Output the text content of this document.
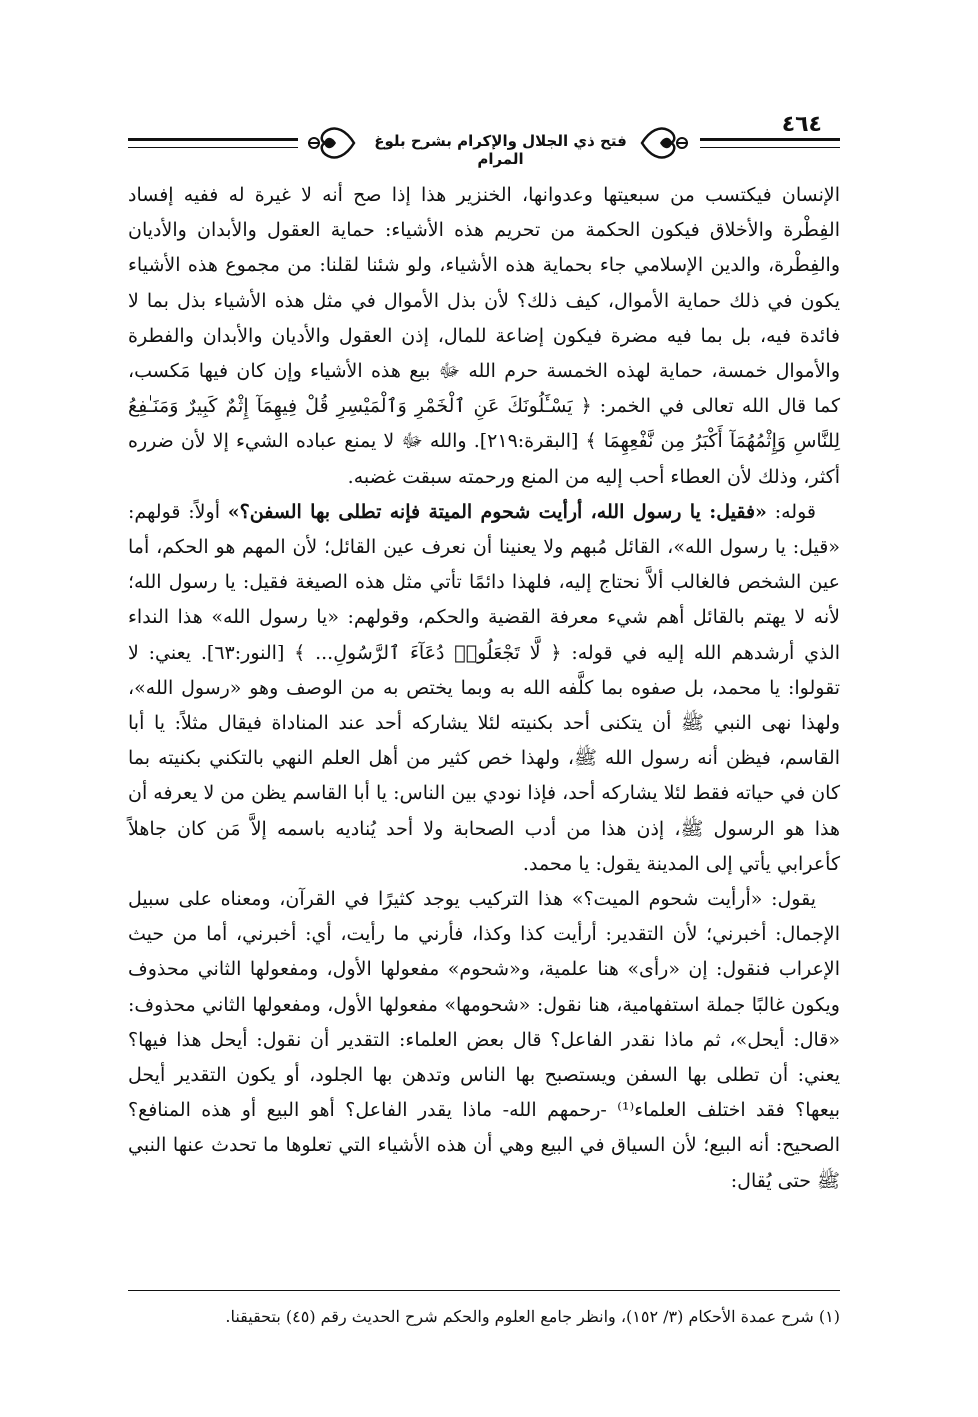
فتح ذي الجلال والإكرام بشرح بلوغ المرام
٤٦٤

الإنسان فيكتسب من سبعيتها وعدوانها، الخنزير هذا إذا صح أنه لا غيرة له ففيه إفساد الفِطْرة والأخلاق فيكون الحكمة من تحريم هذه الأشياء: حماية العقول والأبدان والأديان والفِطْرة، والدين الإسلامي جاء بحماية هذه الأشياء، ولو شئنا لقلنا: من مجموع هذه الأشياء يكون في ذلك حماية الأموال، كيف ذلك؟ لأن بذل الأموال في مثل هذه الأشياء بذل بما لا فائدة فيه، بل بما فيه مضرة فيكون إضاعة للمال، إذن العقول والأديان والأبدان والفطرة والأموال خمسة، حماية لهذه الخمسة حرم الله ﷻ بيع هذه الأشياء وإن كان فيها مَكسب، كما قال الله تعالى في الخمر: ﴿ يَسْـَٔلُونَكَ عَنِ ٱلْخَمْرِ وَٱلْمَيْسِرِ قُلْ فِيهِمَآ إِثْمٌ كَبِيرٌ وَمَنَـٰفِعُ لِلنَّاسِ وَإِثْمُهُمَآ أَكْبَرُ مِن نَّفْعِهِمَا ﴾ [البقرة:٢١٩]. والله ﷻ لا يمنع عباده الشيء إلا لأن ضرره أكثر، وذلك لأن العطاء أحب إليه من المنع ورحمته سبقت غضبه.

قوله: «فقيل: يا رسول الله، أرأيت شحوم الميتة فإنه تطلى بها السفن؟» أولاً: قولهم: «قيل: يا رسول الله»، القائل مُبهم ولا يعنينا أن نعرف عين القائل؛ لأن المهم هو الحكم، أما عين الشخص فالغالب ألاَّ نحتاج إليه، فلهذا دائمًا تأتي مثل هذه الصيغة فقيل: يا رسول الله؛ لأنه لا يهتم بالقائل أهم شيء معرفة القضية والحكم، وقولهم: «يا رسول الله» هذا النداء الذي أرشدهم الله إليه في قوله: ﴿ لَّا تَجْعَلُوا۟ دُعَآءَ ٱلرَّسُولِ... ﴾ [النور:٦٣]. يعني: لا تقولوا: يا محمد، بل صفوه بما كلَّفه الله به وبما يختص به من الوصف وهو «رسول الله»، ولهذا نهى النبي ﷺ أن يتكنى أحد بكنيته لئلا يشاركه أحد عند المناداة فيقال مثلاً: يا أبا القاسم، فيظن أنه رسول الله ﷺ، ولهذا خص كثير من أهل العلم النهي بالتكني بكنيته بما كان في حياته فقط لئلا يشاركه أحد، فإذا نودي بين الناس: يا أبا القاسم يظن من لا يعرفه أن هذا هو الرسول ﷺ، إذن هذا من أدب الصحابة ولا أحد يُناديه باسمه إلاَّ مَن كان جاهلاً كأعرابي يأتي إلى المدينة يقول: يا محمد.

يقول: «أرأيت شحوم الميت؟» هذا التركيب يوجد كثيرًا في القرآن، ومعناه على سبيل الإجمال: أخبرني؛ لأن التقدير: أرأيت كذا وكذا، فأرني ما رأيت، أي: أخبرني، أما من حيث الإعراب فنقول: إن «رأى» هنا علمية، و«شحوم» مفعولها الأول، ومفعولها الثاني محذوف ويكون غالبًا جملة استفهامية، هنا نقول: «شحومها» مفعولها الأول، ومفعولها الثاني محذوف: «قال: أيحل»، ثم ماذا نقدر الفاعل؟ قال بعض العلماء: التقدير أن نقول: أيحل هذا فيها؟ يعني: أن تطلى بها السفن ويستصبح بها الناس وتدهن بها الجلود، أو يكون التقدير أيحل بيعها؟ فقد اختلف العلماء⁽¹⁾ -رحمهم الله- ماذا يقدر الفاعل؟ أهو البيع أو هذه المنافع؟ الصحيح: أنه البيع؛ لأن السياق في البيع وهي أن هذه الأشياء التي تعلوها ما تحدث عنها النبي ﷺ حتى يُقال:

(١) شرح عمدة الأحكام (٣/ ١٥٢)، وانظر جامع العلوم والحكم شرح الحديث رقم (٤٥) بتحقيقنا.
